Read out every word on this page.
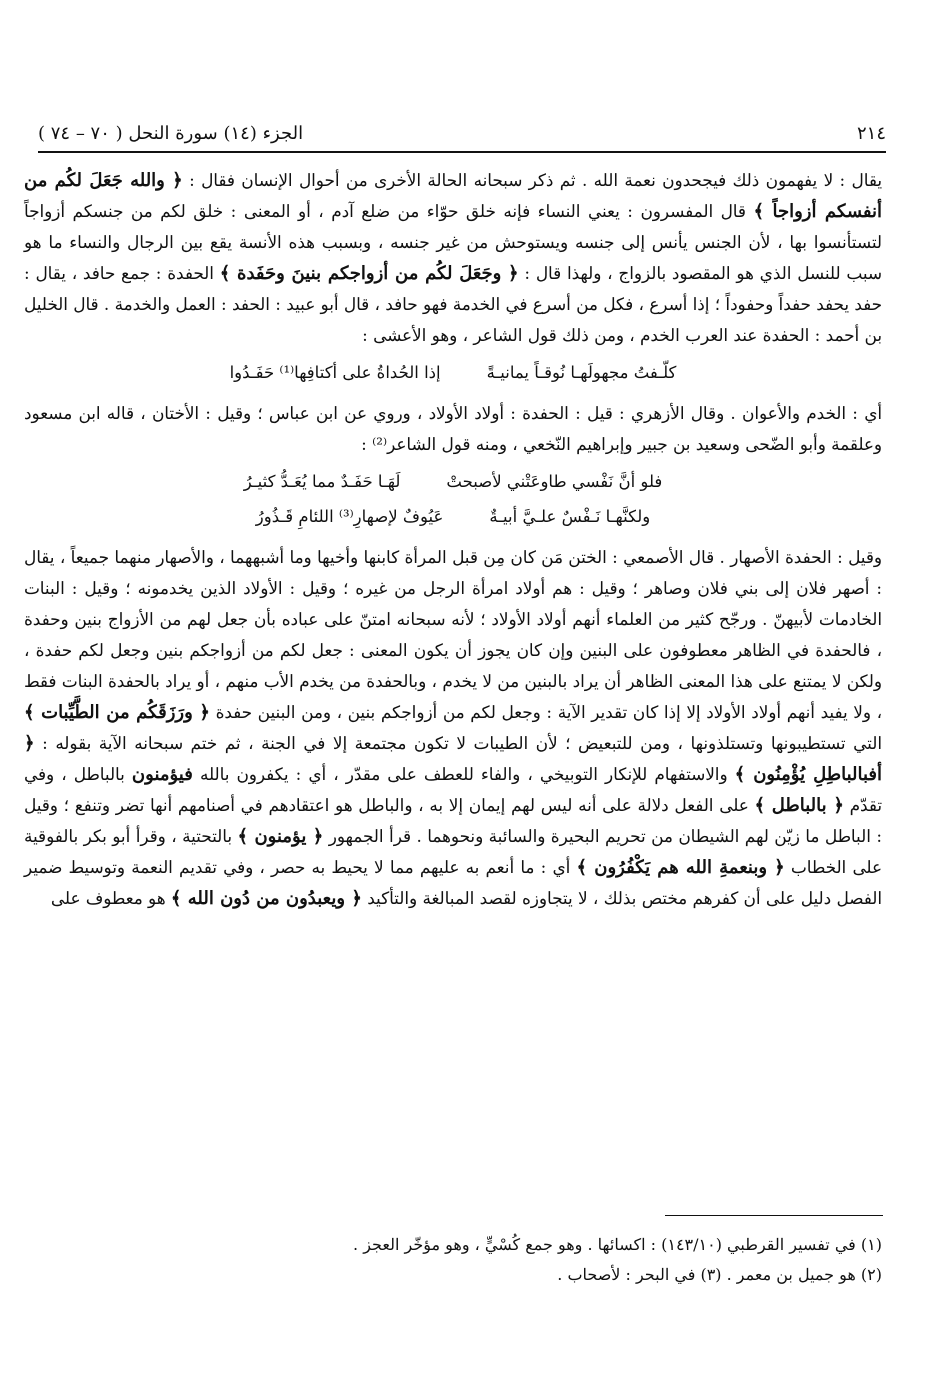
٢١٤
الجزء (١٤) سورة النحل ( ٧٠ – ٧٤ )

يقال : لا يفهمون ذلك فيجحدون نعمة الله . ثم ذكر سبحانه الحالة الأخرى من أحوال الإنسان فقال : ﴿ والله جَعَلَ لكُم من أنفسكم أزواجاً ﴾ قال المفسرون : يعني النساء فإنه خلق حوّاء من ضلع آدم ، أو المعنى : خلق لكم من جنسكم أزواجاً لتستأنسوا بها ، لأن الجنس يأنس إلى جنسه ويستوحش من غير جنسه ، وبسبب هذه الأنسة يقع بين الرجال والنساء ما هو سبب للنسل الذي هو المقصود بالزواج ، ولهذا قال : ﴿ وجَعَلَ لكُم من أزواجكم بنينَ وحَفَدة ﴾ الحفدة : جمع حافد ، يقال : حفد يحفد حفداً وحفوداً ؛ إذا أسرع ، فكل من أسرع في الخدمة فهو حافد ، قال أبو عبيد : الحفد : العمل والخدمة . قال الخليل بن أحمد : الحفدة عند العرب الخدم ، ومن ذلك قول الشاعر ، وهو الأعشى :

كلّـفتُ مجهولَهـا نُوقـاً يمانيـةً
إذا الحُداةُ على أكتافِها⁽¹⁾ حَفَـدُوا

أي : الخدم والأعوان . وقال الأزهري : قيل : الحفدة : أولاد الأولاد ، وروي عن ابن عباس ؛ وقيل : الأختان ، قاله ابن مسعود وعلقمة وأبو الضّحى وسعيد بن جبير وإبراهيم النّخعي ، ومنه قول الشاعر⁽²⁾ :

فلو أنَّ نَفْسي طاوعَتْني لأصبحتْ
لَهَـا حَفَـدٌ مما يُعَـدُّ كثيـرُ
ولكنَّهـا نَـفْسٌ علـيَّ أبيـةٌ
عَيُوفٌ لإصهارِ⁽³⁾ اللئامِ قَـذُورُ

وقيل : الحفدة الأصهار . قال الأصمعي : الختن مَن كان مِن قبل المرأة كابنها وأخيها وما أشبههما ، والأصهار منهما جميعاً ، يقال : أصهر فلان إلى بني فلان وصاهر ؛ وقيل : هم أولاد امرأة الرجل من غيره ؛ وقيل : الأولاد الذين يخدمونه ؛ وقيل : البنات الخادمات لأبيهنّ . ورجّح كثير من العلماء أنهم أولاد الأولاد ؛ لأنه سبحانه امتنّ على عباده بأن جعل لهم من الأزواج بنين وحفدة ، فالحفدة في الظاهر معطوفون على البنين وإن كان يجوز أن يكون المعنى : جعل لكم من أزواجكم بنين وجعل لكم حفدة ، ولكن لا يمتنع على هذا المعنى الظاهر أن يراد بالبنين من لا يخدم ، وبالحفدة من يخدم الأب منهم ، أو يراد بالحفدة البنات فقط ، ولا يفيد أنهم أولاد الأولاد إلا إذا كان تقدير الآية : وجعل لكم من أزواجكم بنين ، ومن البنين حفدة ﴿ ورَزَقَكُم من الطَّيِّبات ﴾ التي تستطيبونها وتستلذونها ، ومن للتبعيض ؛ لأن الطيبات لا تكون مجتمعة إلا في الجنة ، ثم ختم سبحانه الآية بقوله : ﴿ أفبالباطِلِ يُؤْمِنُون ﴾ والاستفهام للإنكار التوبيخي ، والفاء للعطف على مقدّر ، أي : يكفرون بالله فيؤمنون بالباطل ، وفي تقدّم ﴿ بالباطل ﴾ على الفعل دلالة على أنه ليس لهم إيمان إلا به ، والباطل هو اعتقادهم في أصنامهم أنها تضر وتنفع ؛ وقيل : الباطل ما زيّن لهم الشيطان من تحريم البحيرة والسائبة ونحوهما . قرأ الجمهور ﴿ يؤمنون ﴾ بالتحتية ، وقرأ أبو بكر بالفوقية على الخطاب ﴿ وبنعمةِ الله هم يَكْفُرُون ﴾ أي : ما أنعم به عليهم مما لا يحيط به حصر ، وفي تقديم النعمة وتوسيط ضمير الفصل دليل على أن كفرهم مختص بذلك ، لا يتجاوزه لقصد المبالغة والتأكيد ﴿ ويعبدُون من دُون الله ﴾ هو معطوف على

(١) في تفسير القرطبي (١٤٣/١٠) : اكسائها . وهو جمع كُسْيٍّ ، وهو مؤخّر العجز .

(٢) هو جميل بن معمر . (٣) في البحر : لأصحاب .
